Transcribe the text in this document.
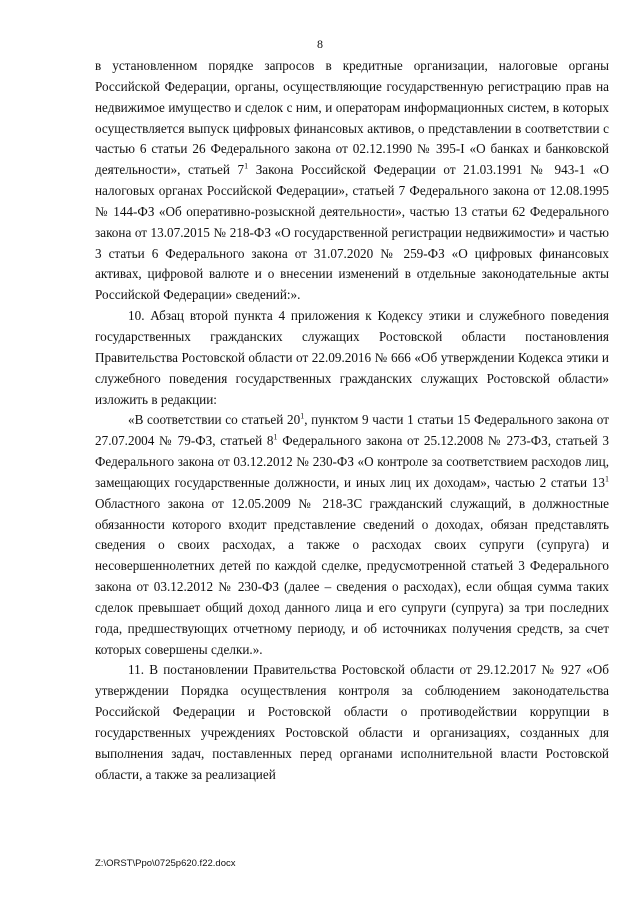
8

в установленном порядке запросов в кредитные организации, налоговые органы Российской Федерации, органы, осуществляющие государственную регистрацию прав на недвижимое имущество и сделок с ним, и операторам информационных систем, в которых осуществляется выпуск цифровых финансовых активов, о представлении в соответствии с частью 6 статьи 26 Федерального закона от 02.12.1990 № 395-I «О банках и банковской деятельности», статьей $7^1$ Закона Российской Федерации от 21.03.1991 № 943-1 «О налоговых органах Российской Федерации», статьей 7 Федерального закона от 12.08.1995 № 144-ФЗ «Об оперативно-розыскной деятельности», частью 13 статьи 62 Федерального закона от 13.07.2015 № 218-ФЗ «О государственной регистрации недвижимости» и частью 3 статьи 6 Федерального закона от 31.07.2020 № 259-ФЗ «О цифровых финансовых активах, цифровой валюте и о внесении изменений в отдельные законодательные акты Российской Федерации» сведений:».

10. Абзац второй пункта 4 приложения к Кодексу этики и служебного поведения государственных гражданских служащих Ростовской области постановления Правительства Ростовской области от 22.09.2016 № 666 «Об утверждении Кодекса этики и служебного поведения государственных гражданских служащих Ростовской области» изложить в редакции:

«В соответствии со статьей $20^1$, пунктом 9 части 1 статьи 15 Федерального закона от 27.07.2004 № 79-ФЗ, статьей $8^1$ Федерального закона от 25.12.2008 № 273-ФЗ, статьей 3 Федерального закона от 03.12.2012 № 230-ФЗ «О контроле за соответствием расходов лиц, замещающих государственные должности, и иных лиц их доходам», частью 2 статьи $13^1$ Областного закона от 12.05.2009 № 218-ЗС гражданский служащий, в должностные обязанности которого входит представление сведений о доходах, обязан представлять сведения о своих расходах, а также о расходах своих супруги (супруга) и несовершеннолетних детей по каждой сделке, предусмотренной статьей 3 Федерального закона от 03.12.2012 № 230-ФЗ (далее – сведения о расходах), если общая сумма таких сделок превышает общий доход данного лица и его супруги (супруга) за три последних года, предшествующих отчетному периоду, и об источниках получения средств, за счет которых совершены сделки.».

11. В постановлении Правительства Ростовской области от 29.12.2017 № 927 «Об утверждении Порядка осуществления контроля за соблюдением законодательства Российской Федерации и Ростовской области о противодействии коррупции в государственных учреждениях Ростовской области и организациях, созданных для выполнения задач, поставленных перед органами исполнительной власти Ростовской области, а также за реализацией

Z:\ORST\Ppo\0725p620.f22.docx
